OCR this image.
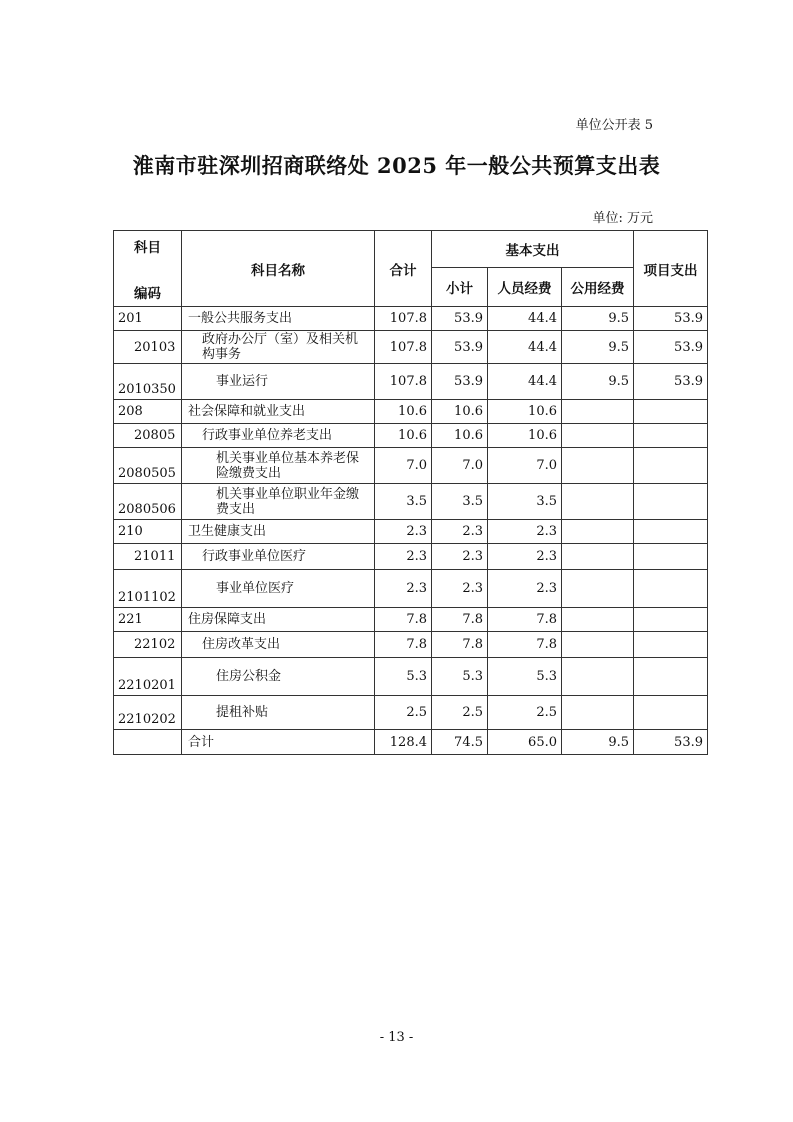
单位公开表 5
淮南市驻深圳招商联络处 2025 年一般公共预算支出表
单位: 万元
科目
编码	科目名称	合计	基本支出			项目支出
			小计	人员经费	公用经费	
201	一般公共服务支出	107.8	53.9	44.4	9.5	53.9
20103	政府办公厅（室）及相关机构事务	107.8	53.9	44.4	9.5	53.9
2010350	事业运行	107.8	53.9	44.4	9.5	53.9
208	社会保障和就业支出	10.6	10.6	10.6		
20805	行政事业单位养老支出	10.6	10.6	10.6		
2080505	机关事业单位基本养老保险缴费支出	7.0	7.0	7.0		
2080506	机关事业单位职业年金缴费支出	3.5	3.5	3.5		
210	卫生健康支出	2.3	2.3	2.3		
21011	行政事业单位医疗	2.3	2.3	2.3		
2101102	事业单位医疗	2.3	2.3	2.3		
221	住房保障支出	7.8	7.8	7.8		
22102	住房改革支出	7.8	7.8	7.8		
2210201	住房公积金	5.3	5.3	5.3		
2210202	提租补贴	2.5	2.5	2.5		
	合计	128.4	74.5	65.0	9.5	53.9
- 13 -
